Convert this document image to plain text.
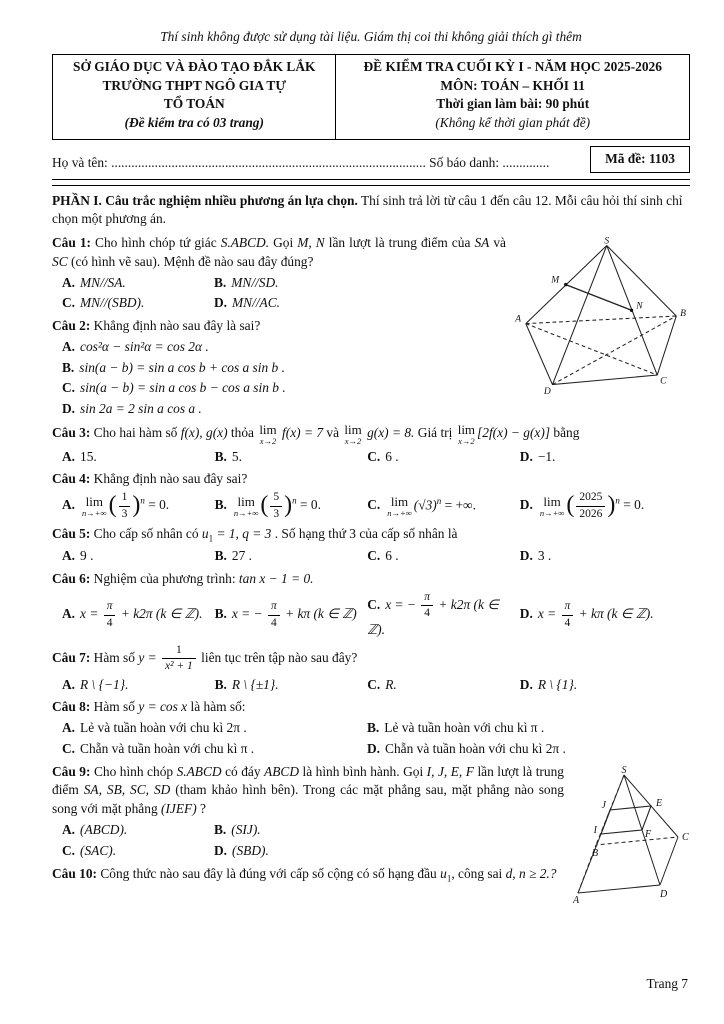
Thí sinh không được sử dụng tài liệu. Giám thị coi thi không giải thích gì thêm
SỞ GIÁO DỤC VÀ ĐÀO TẠO ĐẮK LẮK
TRƯỜNG THPT NGÔ GIA TỰ
TỔ TOÁN
(Đề kiểm tra có 03 trang)

ĐỀ KIỂM TRA CUỐI KỲ I - NĂM HỌC 2025-2026
MÔN: TOÁN – KHỐI 11
Thời gian làm bài: 90 phút
(Không kể thời gian phát đề)
Họ và tên: .............................................................................................. Số báo danh: ..............	Mã đề: 1103

PHẦN I. Câu trắc nghiệm nhiều phương án lựa chọn. Thí sinh trả lời từ câu 1 đến câu 12. Mỗi câu hỏi thí sinh chỉ chọn một phương án.

S
A
B
C
D
M
N

Câu 1: Cho hình chóp tứ giác S.ABCD. Gọi M, N lần lượt là trung điểm của SA và SC (có hình vẽ sau). Mệnh đề nào sau đây đúng?

A. MN//SA.	B. MN//SD.
C. MN//(SBD).	D. MN//AC.

Câu 2: Khẳng định nào sau đây là sai?

A. cos²α − sin²α = cos 2α .
B. sin(a − b) = sin a cos b + cos a sin b .
C. sin(a − b) = sin a cos b − cos a sin b .
D. sin 2a = 2 sin a cos a .

Câu 3: Cho hai hàm số f(x), g(x) thỏa lim
x→2
f(x) = 7 và lim
x→2
g(x) = 8. Giá trị lim
x→2
[2f(x) − g(x)] bằng

A. 15.	B. 5.	C. 6 .	D. −1.

Câu 4: Khẳng định nào sau đây sai?

A. lim
n→+∞ ( $\frac{1}{3} )^n = 0$.	B. lim
n→+∞ ( $\frac{5}{3} )^n = 0$.	C. lim
n→+∞
$(√3)^n$ = +∞.	D. lim
n→+∞ ( $\frac{2025}{2026} )^n = 0$.

Câu 5: Cho cấp số nhân có $u_1 = 1$, q = 3 . Số hạng thứ 3 của cấp số nhân là

A. 9 .	B. 27 .	C. 6 .	D. 3 .

Câu 6: Nghiệm của phương trình: tan x − 1 = 0.

A. $x = \frac{\pi}{4} + k2\pi$ (k ∈ ℤ). B. x = − $\frac{\pi}{4} + k\pi$ (k ∈ ℤ)
C. x = − $\frac{\pi}{4} + k2\pi$ (k ∈ ℤ).
D. $x = \frac{\pi}{4} + k\pi$ (k ∈ ℤ).

Câu 7: Hàm số $y = \frac{1}{\text{x² + 1}}$ liên tục trên tập nào sau đây?

A. R \ {−1}.	B. R \ {±1}.	C. R.	D. R \ {1}.

Câu 8: Hàm số y = cos x là hàm số:

A. Lẻ và tuần hoàn với chu kì 2π .	B. Lẻ và tuần hoàn với chu kì π .
C. Chẵn và tuần hoàn với chu kì π .	D. Chẵn và tuần hoàn với chu kì 2π .
S
A
B
C
D
I
J	E
F

Câu 9: Cho hình chóp S.ABCD có đáy ABCD là hình bình hành. Gọi I, J, E, F lần lượt là trung điểm SA, SB, SC, SD (tham khảo hình bên). Trong các mặt phẳng sau, mặt phẳng nào song song với mặt phẳng (IJEF) ?

A. (ABCD).	B. (SIJ).
C. (SAC).	D. (SBD).

Câu 10: Công thức nào sau đây là đúng với cấp số cộng có số hạng đầu $u_1$, công sai d, n ≥ 2.?

Trang 7
